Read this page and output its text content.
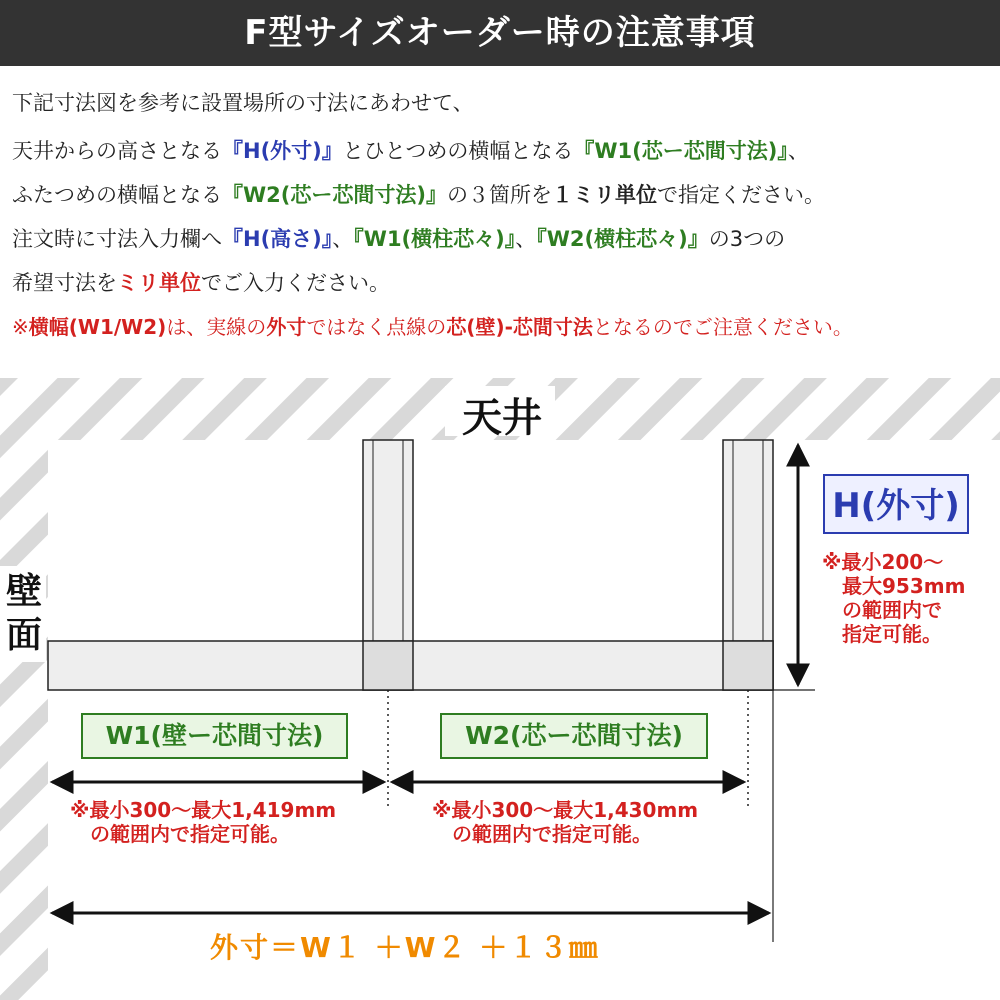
F型サイズオーダー時の注意事項
下記寸法図を参考に設置場所の寸法にあわせて、
天井からの高さとなる『H(外寸)』とひとつめの横幅となる『W1(芯ー芯間寸法)』、
ふたつめの横幅となる『W2(芯ー芯間寸法)』の３箇所を１ミリ単位で指定ください。
注文時に寸法入力欄へ『H(高さ)』、『W1(横柱芯々)』、『W2(横柱芯々)』の3つの
希望寸法をミリ単位でご入力ください。
※横幅(W1/W2)は、実線の外寸ではなく点線の芯(壁)-芯間寸法となるのでご注意ください。
天井
壁
面
H(外寸)
※最小200～
最大953mm
の範囲内で
指定可能。
W1(壁ー芯間寸法)	W2(芯ー芯間寸法)
※最小300～最大1,419mm
の範囲内で指定可能。
※最小300～最大1,430mm
の範囲内で指定可能。
外寸＝W１ ＋W２ ＋１３㎜
